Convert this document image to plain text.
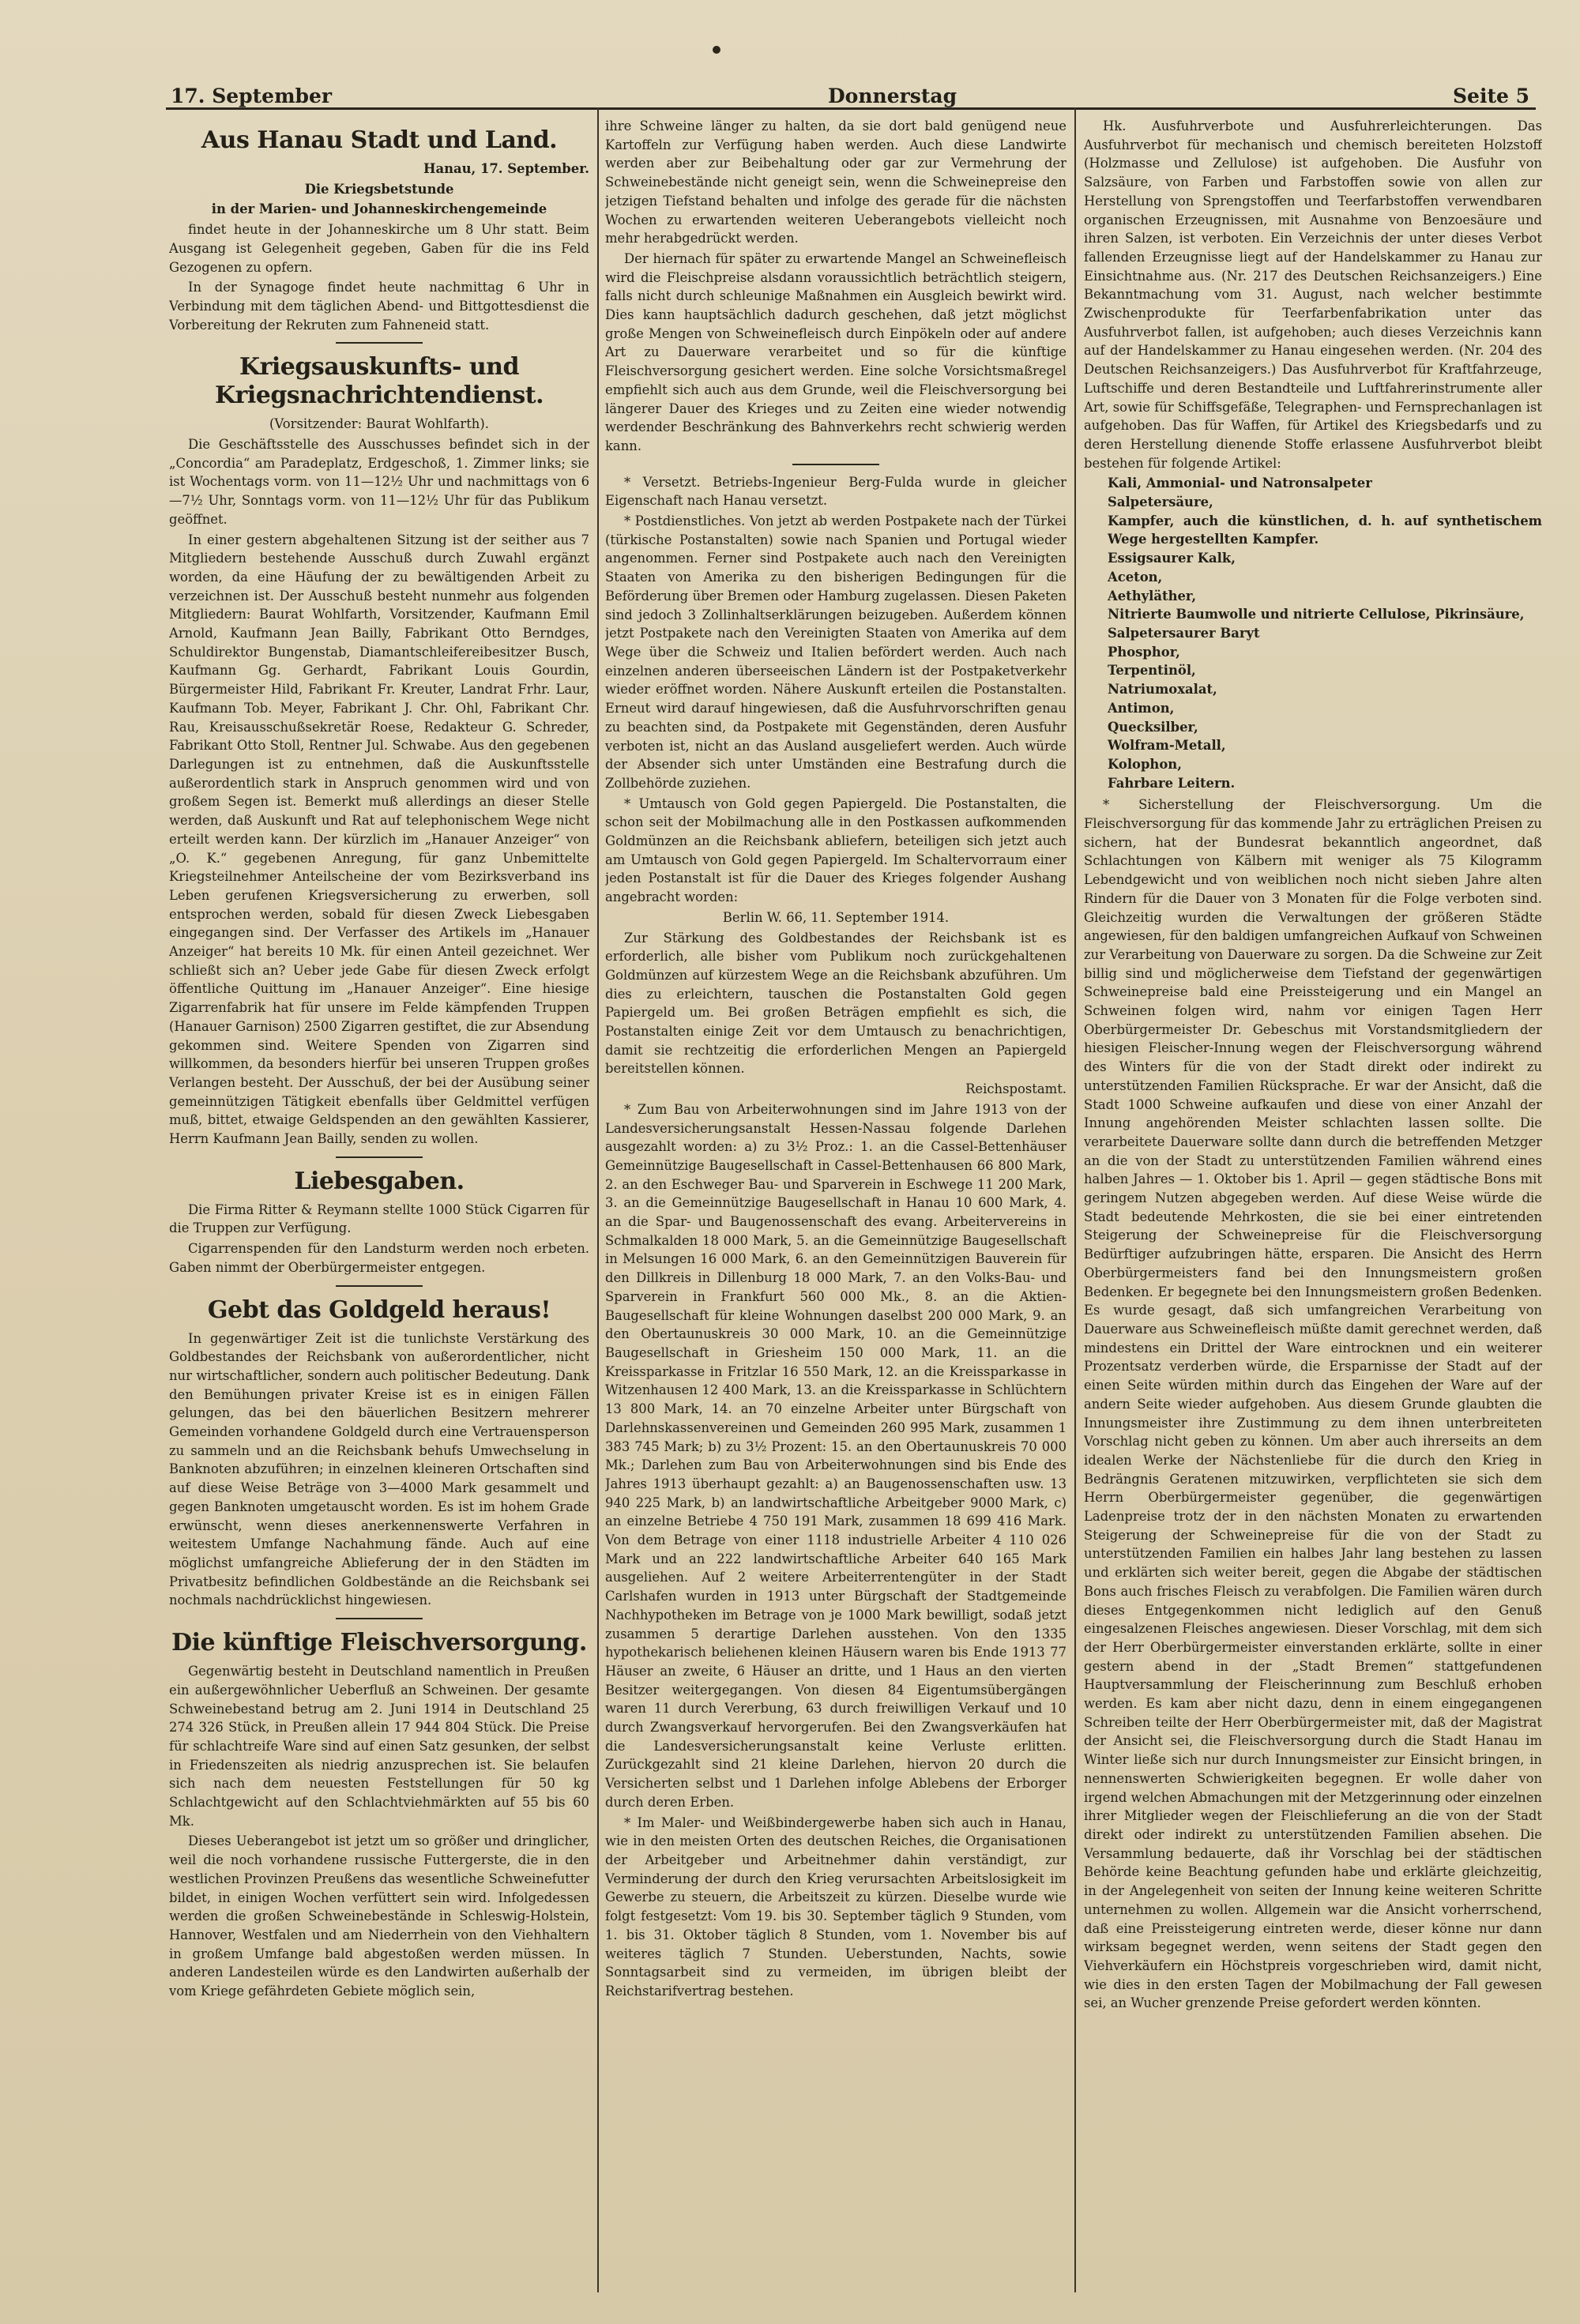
17. September	Donnerstag	Seite 5
Aus Hanau Stadt und Land.

Hanau, 17. September.

Die Kriegsbetstunde

in der Marien- und Johanneskirchengemeinde

findet heute in der Johanneskirche um 8 Uhr statt. Beim Ausgang ist Gelegenheit gegeben, Gaben für die ins Feld Gezogenen zu opfern.

In der Synagoge findet heute nachmittag 6 Uhr in Verbindung mit dem täglichen Abend- und Bittgottesdienst die Vorbereitung der Rekruten zum Fahneneid statt.

Kriegsauskunfts- und Kriegsnachrichtendienst.

(Vorsitzender: Baurat Wohlfarth).

Die Geschäftsstelle des Ausschusses befindet sich in der „Concordia“ am Paradeplatz, Erdgeschoß, 1. Zimmer links; sie ist Wochentags vorm. von 11—12½ Uhr und nachmittags von 6—7½ Uhr, Sonntags vorm. von 11—12½ Uhr für das Publikum geöffnet.

In einer gestern abgehaltenen Sitzung ist der seither aus 7 Mitgliedern bestehende Ausschuß durch Zuwahl ergänzt worden, da eine Häufung der zu bewältigenden Arbeit zu verzeichnen ist. Der Ausschuß besteht nunmehr aus folgenden Mitgliedern: Baurat Wohlfarth, Vorsitzender, Kaufmann Emil Arnold, Kaufmann Jean Bailly, Fabrikant Otto Berndges, Schuldirektor Bungenstab, Diamantschleifereibesitzer Busch, Kaufmann Gg. Gerhardt, Fabrikant Louis Gourdin, Bürgermeister Hild, Fabrikant Fr. Kreuter, Landrat Frhr. Laur, Kaufmann Tob. Meyer, Fabrikant J. Chr. Ohl, Fabrikant Chr. Rau, Kreisausschußsekretär Roese, Redakteur G. Schreder, Fabrikant Otto Stoll, Rentner Jul. Schwabe. Aus den gegebenen Darlegungen ist zu entnehmen, daß die Auskunftsstelle außerordentlich stark in Anspruch genommen wird und von großem Segen ist. Bemerkt muß allerdings an dieser Stelle werden, daß Auskunft und Rat auf telephonischem Wege nicht erteilt werden kann. Der kürzlich im „Hanauer Anzeiger“ von „O. K.“ gegebenen Anregung, für ganz Unbemittelte Kriegsteilnehmer Anteilscheine der vom Bezirksverband ins Leben gerufenen Kriegsversicherung zu erwerben, soll entsprochen werden, sobald für diesen Zweck Liebesgaben eingegangen sind. Der Verfasser des Artikels im „Hanauer Anzeiger“ hat bereits 10 Mk. für einen Anteil gezeichnet. Wer schließt sich an? Ueber jede Gabe für diesen Zweck erfolgt öffentliche Quittung im „Hanauer Anzeiger“. Eine hiesige Zigarrenfabrik hat für unsere im Felde kämpfenden Truppen (Hanauer Garnison) 2500 Zigarren gestiftet, die zur Absendung gekommen sind. Weitere Spenden von Zigarren sind willkommen, da besonders hierfür bei unseren Truppen großes Verlangen besteht. Der Ausschuß, der bei der Ausübung seiner gemeinnützigen Tätigkeit ebenfalls über Geldmittel verfügen muß, bittet, etwaige Geldspenden an den gewählten Kassierer, Herrn Kaufmann Jean Bailly, senden zu wollen.

Liebesgaben.

Die Firma Ritter & Reymann stellte 1000 Stück Cigarren für die Truppen zur Verfügung.

Cigarrenspenden für den Landsturm werden noch erbeten. Gaben nimmt der Oberbürgermeister entgegen.

Gebt das Goldgeld heraus!

In gegenwärtiger Zeit ist die tunlichste Verstärkung des Goldbestandes der Reichsbank von außerordentlicher, nicht nur wirtschaftlicher, sondern auch politischer Bedeutung. Dank den Bemühungen privater Kreise ist es in einigen Fällen gelungen, das bei den bäuerlichen Besitzern mehrerer Gemeinden vorhandene Goldgeld durch eine Vertrauensperson zu sammeln und an die Reichsbank behufs Umwechselung in Banknoten abzuführen; in einzelnen kleineren Ortschaften sind auf diese Weise Beträge von 3—4000 Mark gesammelt und gegen Banknoten umgetauscht worden. Es ist im hohem Grade erwünscht, wenn dieses anerkennenswerte Verfahren in weitestem Umfange Nachahmung fände. Auch auf eine möglichst umfangreiche Ablieferung der in den Städten im Privatbesitz befindlichen Goldbestände an die Reichsbank sei nochmals nachdrücklichst hingewiesen.

Die künftige Fleischversorgung.

Gegenwärtig besteht in Deutschland namentlich in Preußen ein außergewöhnlicher Ueberfluß an Schweinen. Der gesamte Schweinebestand betrug am 2. Juni 1914 in Deutschland 25 274 326 Stück, in Preußen allein 17 944 804 Stück. Die Preise für schlachtreife Ware sind auf einen Satz gesunken, der selbst in Friedenszeiten als niedrig anzusprechen ist. Sie belaufen sich nach dem neuesten Feststellungen für 50 kg Schlachtgewicht auf den Schlachtviehmärkten auf 55 bis 60 Mk.

Dieses Ueberangebot ist jetzt um so größer und dringlicher, weil die noch vorhandene russische Futtergerste, die in den westlichen Provinzen Preußens das wesentliche Schweinefutter bildet, in einigen Wochen verfüttert sein wird. Infolgedessen werden die großen Schweinebestände in Schleswig-Holstein, Hannover, Westfalen und am Niederrhein von den Viehhaltern in großem Umfange bald abgestoßen werden müssen. In anderen Landesteilen würde es den Landwirten außerhalb der vom Kriege gefährdeten Gebiete möglich sein,

ihre Schweine länger zu halten, da sie dort bald genügend neue Kartoffeln zur Verfügung haben werden. Auch diese Landwirte werden aber zur Beibehaltung oder gar zur Vermehrung der Schweinebestände nicht geneigt sein, wenn die Schweinepreise den jetzigen Tiefstand behalten und infolge des gerade für die nächsten Wochen zu erwartenden weiteren Ueberangebots vielleicht noch mehr herabgedrückt werden.

Der hiernach für später zu erwartende Mangel an Schweinefleisch wird die Fleischpreise alsdann voraussichtlich beträchtlich steigern, falls nicht durch schleunige Maßnahmen ein Ausgleich bewirkt wird. Dies kann hauptsächlich dadurch geschehen, daß jetzt möglichst große Mengen von Schweinefleisch durch Einpökeln oder auf andere Art zu Dauerware verarbeitet und so für die künftige Fleischversorgung gesichert werden. Eine solche Vorsichtsmaßregel empfiehlt sich auch aus dem Grunde, weil die Fleischversorgung bei längerer Dauer des Krieges und zu Zeiten eine wieder notwendig werdender Beschränkung des Bahnverkehrs recht schwierig werden kann.

* Versetzt. Betriebs-Ingenieur Berg-Fulda wurde in gleicher Eigenschaft nach Hanau versetzt.

* Postdienstliches. Von jetzt ab werden Postpakete nach der Türkei (türkische Postanstalten) sowie nach Spanien und Portugal wieder angenommen. Ferner sind Postpakete auch nach den Vereinigten Staaten von Amerika zu den bisherigen Bedingungen für die Beförderung über Bremen oder Hamburg zugelassen. Diesen Paketen sind jedoch 3 Zollinhaltserklärungen beizugeben. Außerdem können jetzt Postpakete nach den Vereinigten Staaten von Amerika auf dem Wege über die Schweiz und Italien befördert werden. Auch nach einzelnen anderen überseeischen Ländern ist der Postpaketverkehr wieder eröffnet worden. Nähere Auskunft erteilen die Postanstalten. Erneut wird darauf hingewiesen, daß die Ausfuhrvorschriften genau zu beachten sind, da Postpakete mit Gegenständen, deren Ausfuhr verboten ist, nicht an das Ausland ausgeliefert werden. Auch würde der Absender sich unter Umständen eine Bestrafung durch die Zollbehörde zuziehen.

* Umtausch von Gold gegen Papiergeld. Die Postanstalten, die schon seit der Mobilmachung alle in den Postkassen aufkommenden Goldmünzen an die Reichsbank abliefern, beteiligen sich jetzt auch am Umtausch von Gold gegen Papiergeld. Im Schaltervorraum einer jeden Postanstalt ist für die Dauer des Krieges folgender Aushang angebracht worden:

Berlin W. 66, 11. September 1914.

Zur Stärkung des Goldbestandes der Reichsbank ist es erforderlich, alle bisher vom Publikum noch zurückgehaltenen Goldmünzen auf kürzestem Wege an die Reichsbank abzuführen. Um dies zu erleichtern, tauschen die Postanstalten Gold gegen Papiergeld um. Bei großen Beträgen empfiehlt es sich, die Postanstalten einige Zeit vor dem Umtausch zu benachrichtigen, damit sie rechtzeitig die erforderlichen Mengen an Papiergeld bereitstellen können.

Reichspostamt.

* Zum Bau von Arbeiterwohnungen sind im Jahre 1913 von der Landesversicherungsanstalt Hessen-Nassau folgende Darlehen ausgezahlt worden: a) zu 3½ Proz.: 1. an die Cassel-Bettenhäuser Gemeinnützige Baugesellschaft in Cassel-Bettenhausen 66 800 Mark, 2. an den Eschweger Bau- und Sparverein in Eschwege 11 200 Mark, 3. an die Gemeinnützige Baugesellschaft in Hanau 10 600 Mark, 4. an die Spar- und Baugenossenschaft des evang. Arbeitervereins in Schmalkalden 18 000 Mark, 5. an die Gemeinnützige Baugesellschaft in Melsungen 16 000 Mark, 6. an den Gemeinnützigen Bauverein für den Dillkreis in Dillenburg 18 000 Mark, 7. an den Volks-Bau- und Sparverein in Frankfurt 560 000 Mk., 8. an die Aktien-Baugesellschaft für kleine Wohnungen daselbst 200 000 Mark, 9. an den Obertaunuskreis 30 000 Mark, 10. an die Gemeinnützige Baugesellschaft in Griesheim 150 000 Mark, 11. an die Kreissparkasse in Fritzlar 16 550 Mark, 12. an die Kreissparkasse in Witzenhausen 12 400 Mark, 13. an die Kreissparkasse in Schlüchtern 13 800 Mark, 14. an 70 einzelne Arbeiter unter Bürgschaft von Darlehnskassenvereinen und Gemeinden 260 995 Mark, zusammen 1 383 745 Mark; b) zu 3½ Prozent: 15. an den Obertaunuskreis 70 000 Mk.; Darlehen zum Bau von Arbeiterwohnungen sind bis Ende des Jahres 1913 überhaupt gezahlt: a) an Baugenossenschaften usw. 13 940 225 Mark, b) an landwirtschaftliche Arbeitgeber 9000 Mark, c) an einzelne Betriebe 4 750 191 Mark, zusammen 18 699 416 Mark. Von dem Betrage von einer 1118 industrielle Arbeiter 4 110 026 Mark und an 222 landwirtschaftliche Arbeiter 640 165 Mark ausgeliehen. Auf 2 weitere Arbeiterrentengüter in der Stadt Carlshafen wurden in 1913 unter Bürgschaft der Stadtgemeinde Nachhypotheken im Betrage von je 1000 Mark bewilligt, sodaß jetzt zusammen 5 derartige Darlehen ausstehen. Von den 1335 hypothekarisch beliehenen kleinen Häusern waren bis Ende 1913 77 Häuser an zweite, 6 Häuser an dritte, und 1 Haus an den vierten Besitzer weitergegangen. Von diesen 84 Eigentumsübergängen waren 11 durch Vererbung, 63 durch freiwilligen Verkauf und 10 durch Zwangsverkauf hervorgerufen. Bei den Zwangsverkäufen hat die Landesversicherungsanstalt keine Verluste erlitten. Zurückgezahlt sind 21 kleine Darlehen, hiervon 20 durch die Versicherten selbst und 1 Darlehen infolge Ablebens der Erborger durch deren Erben.

* Im Maler- und Weißbindergewerbe haben sich auch in Hanau, wie in den meisten Orten des deutschen Reiches, die Organisationen der Arbeitgeber und Arbeitnehmer dahin verständigt, zur Verminderung der durch den Krieg verursachten Arbeitslosigkeit im Gewerbe zu steuern, die Arbeitszeit zu kürzen. Dieselbe wurde wie folgt festgesetzt: Vom 19. bis 30. September täglich 9 Stunden, vom 1. bis 31. Oktober täglich 8 Stunden, vom 1. November bis auf weiteres täglich 7 Stunden. Ueberstunden, Nachts, sowie Sonntagsarbeit sind zu vermeiden, im übrigen bleibt der Reichstarifvertrag bestehen.

Hk. Ausfuhrverbote und Ausfuhrerleichterungen. Das Ausfuhrverbot für mechanisch und chemisch bereiteten Holzstoff (Holzmasse und Zellulose) ist aufgehoben. Die Ausfuhr von Salzsäure, von Farben und Farbstoffen sowie von allen zur Herstellung von Sprengstoffen und Teerfarbstoffen verwendbaren organischen Erzeugnissen, mit Ausnahme von Benzoesäure und ihren Salzen, ist verboten. Ein Verzeichnis der unter dieses Verbot fallenden Erzeugnisse liegt auf der Handelskammer zu Hanau zur Einsichtnahme aus. (Nr. 217 des Deutschen Reichsanzeigers.) Eine Bekanntmachung vom 31. August, nach welcher bestimmte Zwischenprodukte für Teerfarbenfabrikation unter das Ausfuhrverbot fallen, ist aufgehoben; auch dieses Verzeichnis kann auf der Handelskammer zu Hanau eingesehen werden. (Nr. 204 des Deutschen Reichsanzeigers.) Das Ausfuhrverbot für Kraftfahrzeuge, Luftschiffe und deren Bestandteile und Luftfahrerinstrumente aller Art, sowie für Schiffsgefäße, Telegraphen- und Fernsprechanlagen ist aufgehoben. Das für Waffen, für Artikel des Kriegsbedarfs und zu deren Herstellung dienende Stoffe erlassene Ausfuhrverbot bleibt bestehen für folgende Artikel:

Kali, Ammonial- und Natronsalpeter
Salpetersäure,
Kampfer, auch die künstlichen, d. h. auf synthetischem Wege hergestellten Kampfer.
Essigsaurer Kalk,
Aceton,
Aethyläther,
Nitrierte Baumwolle und nitrierte Cellulose, Pikrinsäure,
Salpetersaurer Baryt
Phosphor,
Terpentinöl,
Natriumoxalat,
Antimon,
Quecksilber,
Wolfram-Metall,
Kolophon,
Fahrbare Leitern.

* Sicherstellung der Fleischversorgung. Um die Fleischversorgung für das kommende Jahr zu erträglichen Preisen zu sichern, hat der Bundesrat bekanntlich angeordnet, daß Schlachtungen von Kälbern mit weniger als 75 Kilogramm Lebendgewicht und von weiblichen noch nicht sieben Jahre alten Rindern für die Dauer von 3 Monaten für die Folge verboten sind. Gleichzeitig wurden die Verwaltungen der größeren Städte angewiesen, für den baldigen umfangreichen Aufkauf von Schweinen zur Verarbeitung von Dauerware zu sorgen. Da die Schweine zur Zeit billig sind und möglicherweise dem Tiefstand der gegenwärtigen Schweinepreise bald eine Preissteigerung und ein Mangel an Schweinen folgen wird, nahm vor einigen Tagen Herr Oberbürgermeister Dr. Gebeschus mit Vorstandsmitgliedern der hiesigen Fleischer-Innung wegen der Fleischversorgung während des Winters für die von der Stadt direkt oder indirekt zu unterstützenden Familien Rücksprache. Er war der Ansicht, daß die Stadt 1000 Schweine aufkaufen und diese von einer Anzahl der Innung angehörenden Meister schlachten lassen sollte. Die verarbeitete Dauerware sollte dann durch die betreffenden Metzger an die von der Stadt zu unterstützenden Familien während eines halben Jahres — 1. Oktober bis 1. April — gegen städtische Bons mit geringem Nutzen abgegeben werden. Auf diese Weise würde die Stadt bedeutende Mehrkosten, die sie bei einer eintretenden Steigerung der Schweinepreise für die Fleischversorgung Bedürftiger aufzubringen hätte, ersparen. Die Ansicht des Herrn Oberbürgermeisters fand bei den Innungsmeistern großen Bedenken. Er begegnete bei den Innungsmeistern großen Bedenken. Es wurde gesagt, daß sich umfangreichen Verarbeitung von Dauerware aus Schweinefleisch müßte damit gerechnet werden, daß mindestens ein Drittel der Ware eintrocknen und ein weiterer Prozentsatz verderben würde, die Ersparnisse der Stadt auf der einen Seite würden mithin durch das Eingehen der Ware auf der andern Seite wieder aufgehoben. Aus diesem Grunde glaubten die Innungsmeister ihre Zustimmung zu dem ihnen unterbreiteten Vorschlag nicht geben zu können. Um aber auch ihrerseits an dem idealen Werke der Nächstenliebe für die durch den Krieg in Bedrängnis Geratenen mitzuwirken, verpflichteten sie sich dem Herrn Oberbürgermeister gegenüber, die gegenwärtigen Ladenpreise trotz der in den nächsten Monaten zu erwartenden Steigerung der Schweinepreise für die von der Stadt zu unterstützenden Familien ein halbes Jahr lang bestehen zu lassen und erklärten sich weiter bereit, gegen die Abgabe der städtischen Bons auch frisches Fleisch zu verabfolgen. Die Familien wären durch dieses Entgegenkommen nicht lediglich auf den Genuß eingesalzenen Fleisches angewiesen. Dieser Vorschlag, mit dem sich der Herr Oberbürgermeister einverstanden erklärte, sollte in einer gestern abend in der „Stadt Bremen“ stattgefundenen Hauptversammlung der Fleischerinnung zum Beschluß erhoben werden. Es kam aber nicht dazu, denn in einem eingegangenen Schreiben teilte der Herr Oberbürgermeister mit, daß der Magistrat der Ansicht sei, die Fleischversorgung durch die Stadt Hanau im Winter ließe sich nur durch Innungsmeister zur Einsicht bringen, in nennenswerten Schwierigkeiten begegnen. Er wolle daher von irgend welchen Abmachungen mit der Metzgerinnung oder einzelnen ihrer Mitglieder wegen der Fleischlieferung an die von der Stadt direkt oder indirekt zu unterstützenden Familien absehen. Die Versammlung bedauerte, daß ihr Vorschlag bei der städtischen Behörde keine Beachtung gefunden habe und erklärte gleichzeitig, in der Angelegenheit von seiten der Innung keine weiteren Schritte unternehmen zu wollen. Allgemein war die Ansicht vorherrschend, daß eine Preissteigerung eintreten werde, dieser könne nur dann wirksam begegnet werden, wenn seitens der Stadt gegen den Viehverkäufern ein Höchstpreis vorgeschrieben wird, damit nicht, wie dies in den ersten Tagen der Mobilmachung der Fall gewesen sei, an Wucher grenzende Preise gefordert werden könnten.
